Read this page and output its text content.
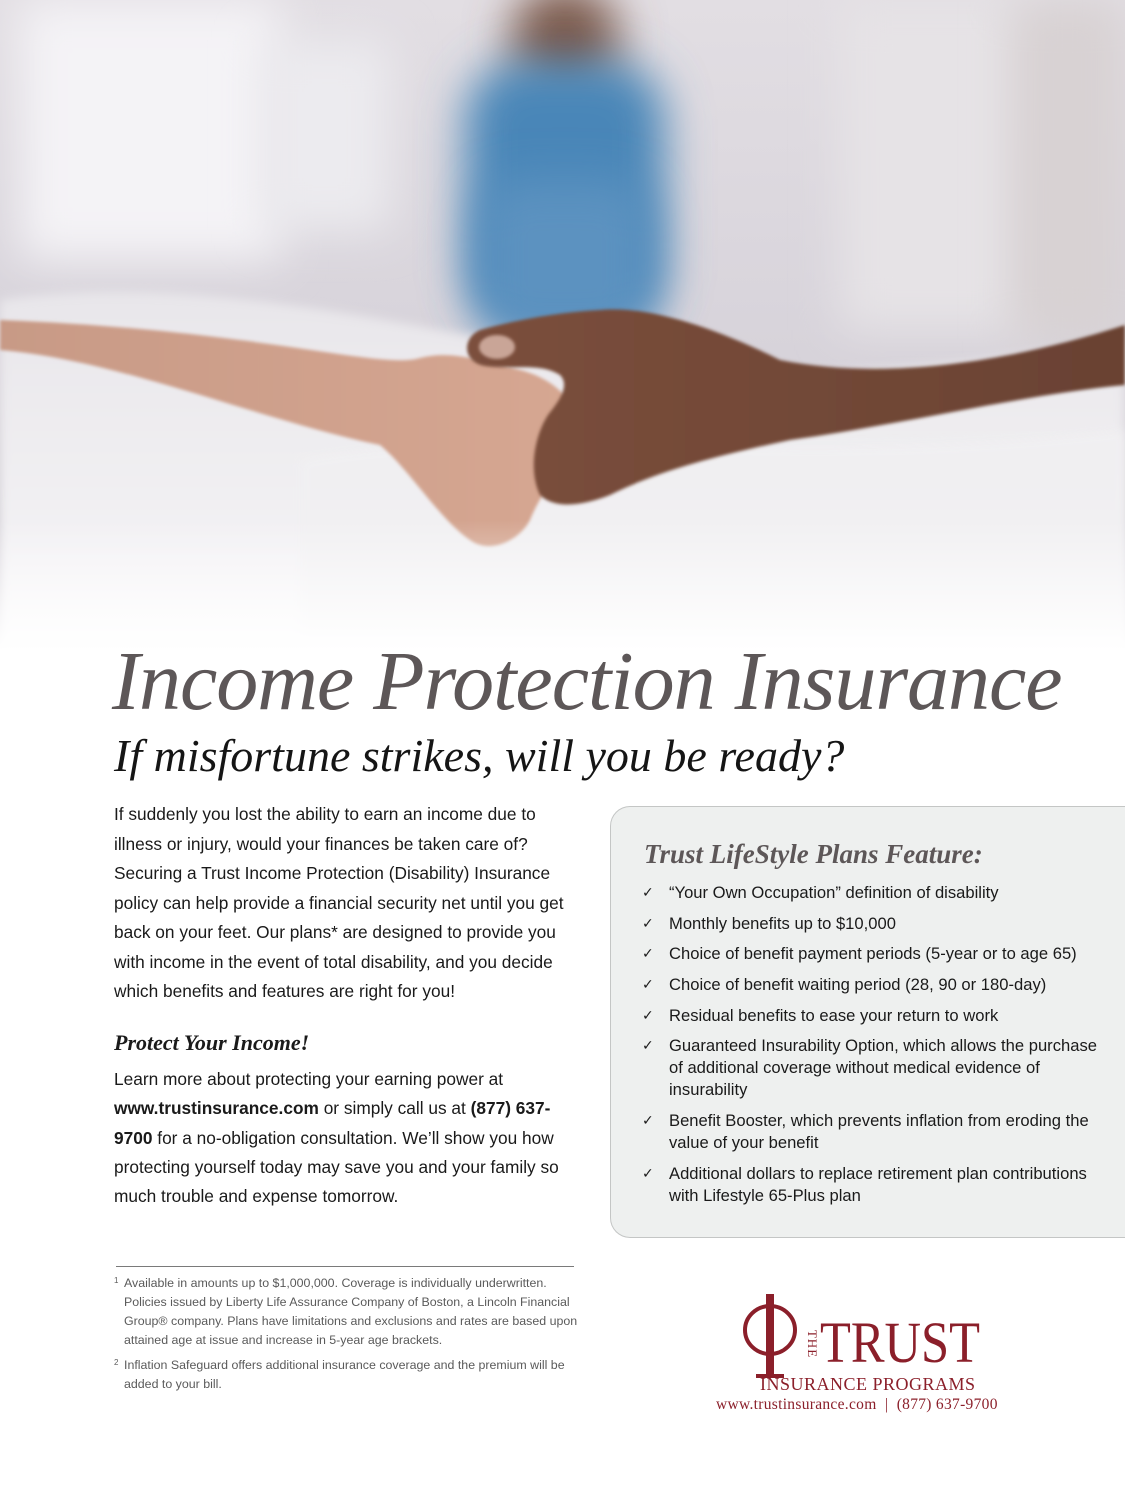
Income Protection Insurance
If misfortune strikes, will you be ready?
If suddenly you lost the ability to earn an income due to illness or injury, would your finances be taken care of? Securing a Trust Income Protection (Disability) Insurance policy can help provide a financial security net until you get back on your feet. Our plans* are designed to provide you with income in the event of total disability, and you decide which benefits and features are right for you!
Protect Your Income!
Learn more about protecting your earning power at www.trustinsurance.com or simply call us at (877) 637-9700 for a no-obligation consultation. We’ll show you how protecting yourself today may save you and your family so much trouble and expense tomorrow.
1 Available in amounts up to $1,000,000. Coverage is individually underwritten. Policies issued by Liberty Life Assurance Company of Boston, a Lincoln Financial Group® company. Plans have limitations and exclusions and rates are based upon attained age at issue and increase in 5-year age brackets.
2 Inflation Safeguard offers additional insurance coverage and the premium will be added to your bill.
Trust LifeStyle Plans Feature:
✓ “Your Own Occupation” definition of disability
✓ Monthly benefits up to $10,000
✓ Choice of benefit payment periods (5-year or to age 65)
✓ Choice of benefit waiting period (28, 90 or 180-day)
✓ Residual benefits to ease your return to work
✓ Guaranteed Insurability Option, which allows the purchase of additional coverage without medical evidence of insurability
✓ Benefit Booster, which prevents inflation from eroding the value of your benefit
✓ Additional dollars to replace retirement plan contributions with Lifestyle 65-Plus plan
THE TRUST
INSURANCE PROGRAMS
www.trustinsurance.com | (877) 637-9700
